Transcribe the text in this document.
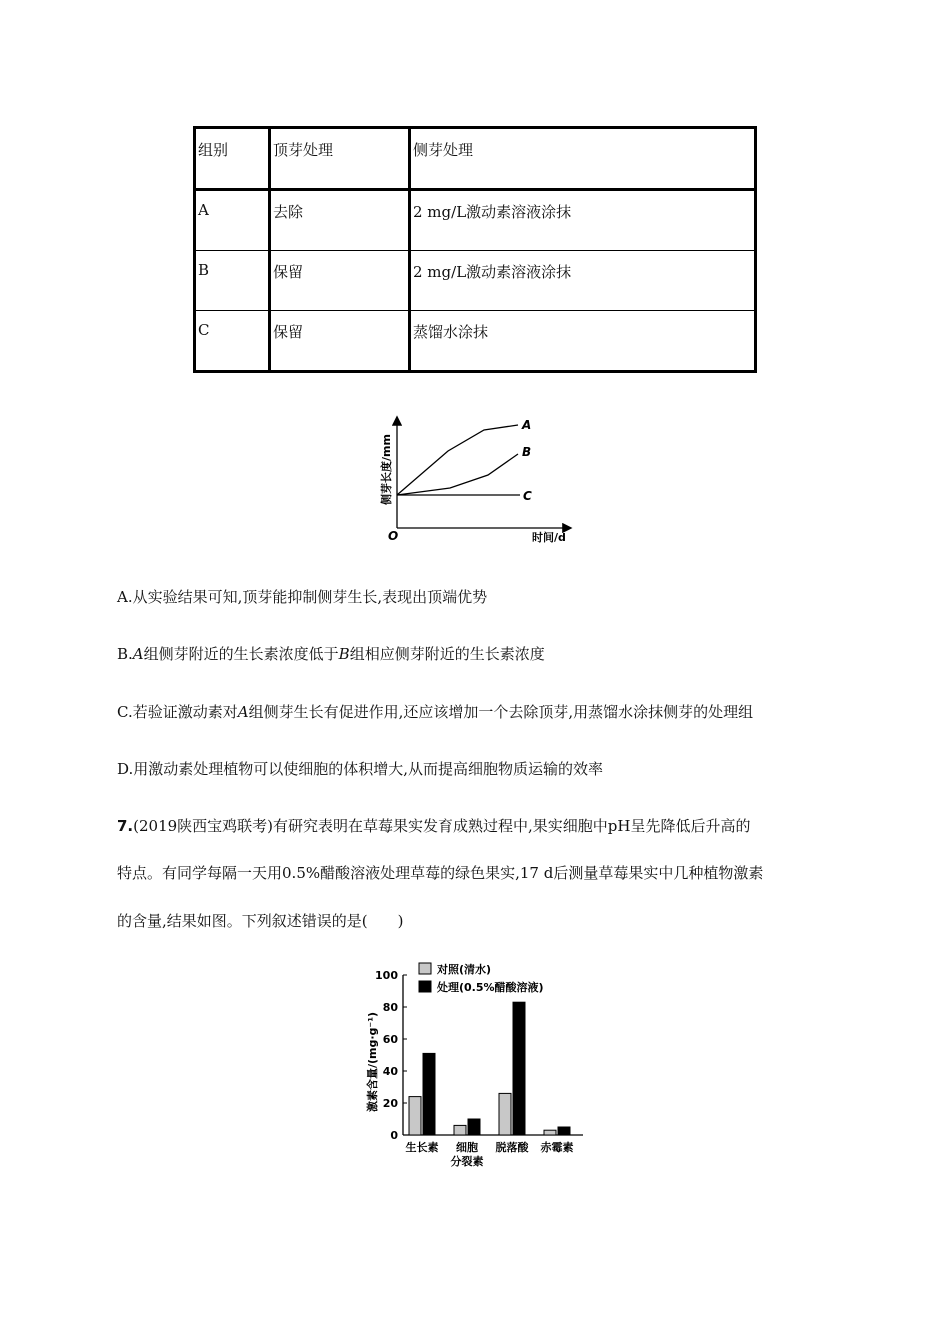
组别	顶芽处理	侧芽处理
A	去除	2 mg/L激动素溶液涂抹
B	保留	2 mg/L激动素溶液涂抹
C	保留	蒸馏水涂抹
A
B
C
O	时间/d
侧芽长度/mm
A.从实验结果可知,顶芽能抑制侧芽生长,表现出顶端优势
B.A组侧芽附近的生长素浓度低于B组相应侧芽附近的生长素浓度
C.若验证激动素对A组侧芽生长有促进作用,还应该增加一个去除顶芽,用蒸馏水涂抹侧芽的处理组
D.用激动素处理植物可以使细胞的体积增大,从而提高细胞物质运输的效率
7.(2019陕西宝鸡联考)有研究表明在草莓果实发育成熟过程中,果实细胞中pH呈先降低后升高的
特点。有同学每隔一天用0.5%醋酸溶液处理草莓的绿色果实,17 d后测量草莓果实中几种植物激素
的含量,结果如图。下列叙述错误的是(　　)
0
20
40
60
80
100
激素含量/(mg·g⁻¹)
生长素 细胞
分裂素
脱落酸 赤霉素
对照(清水)
处理(0.5%醋酸溶液)
